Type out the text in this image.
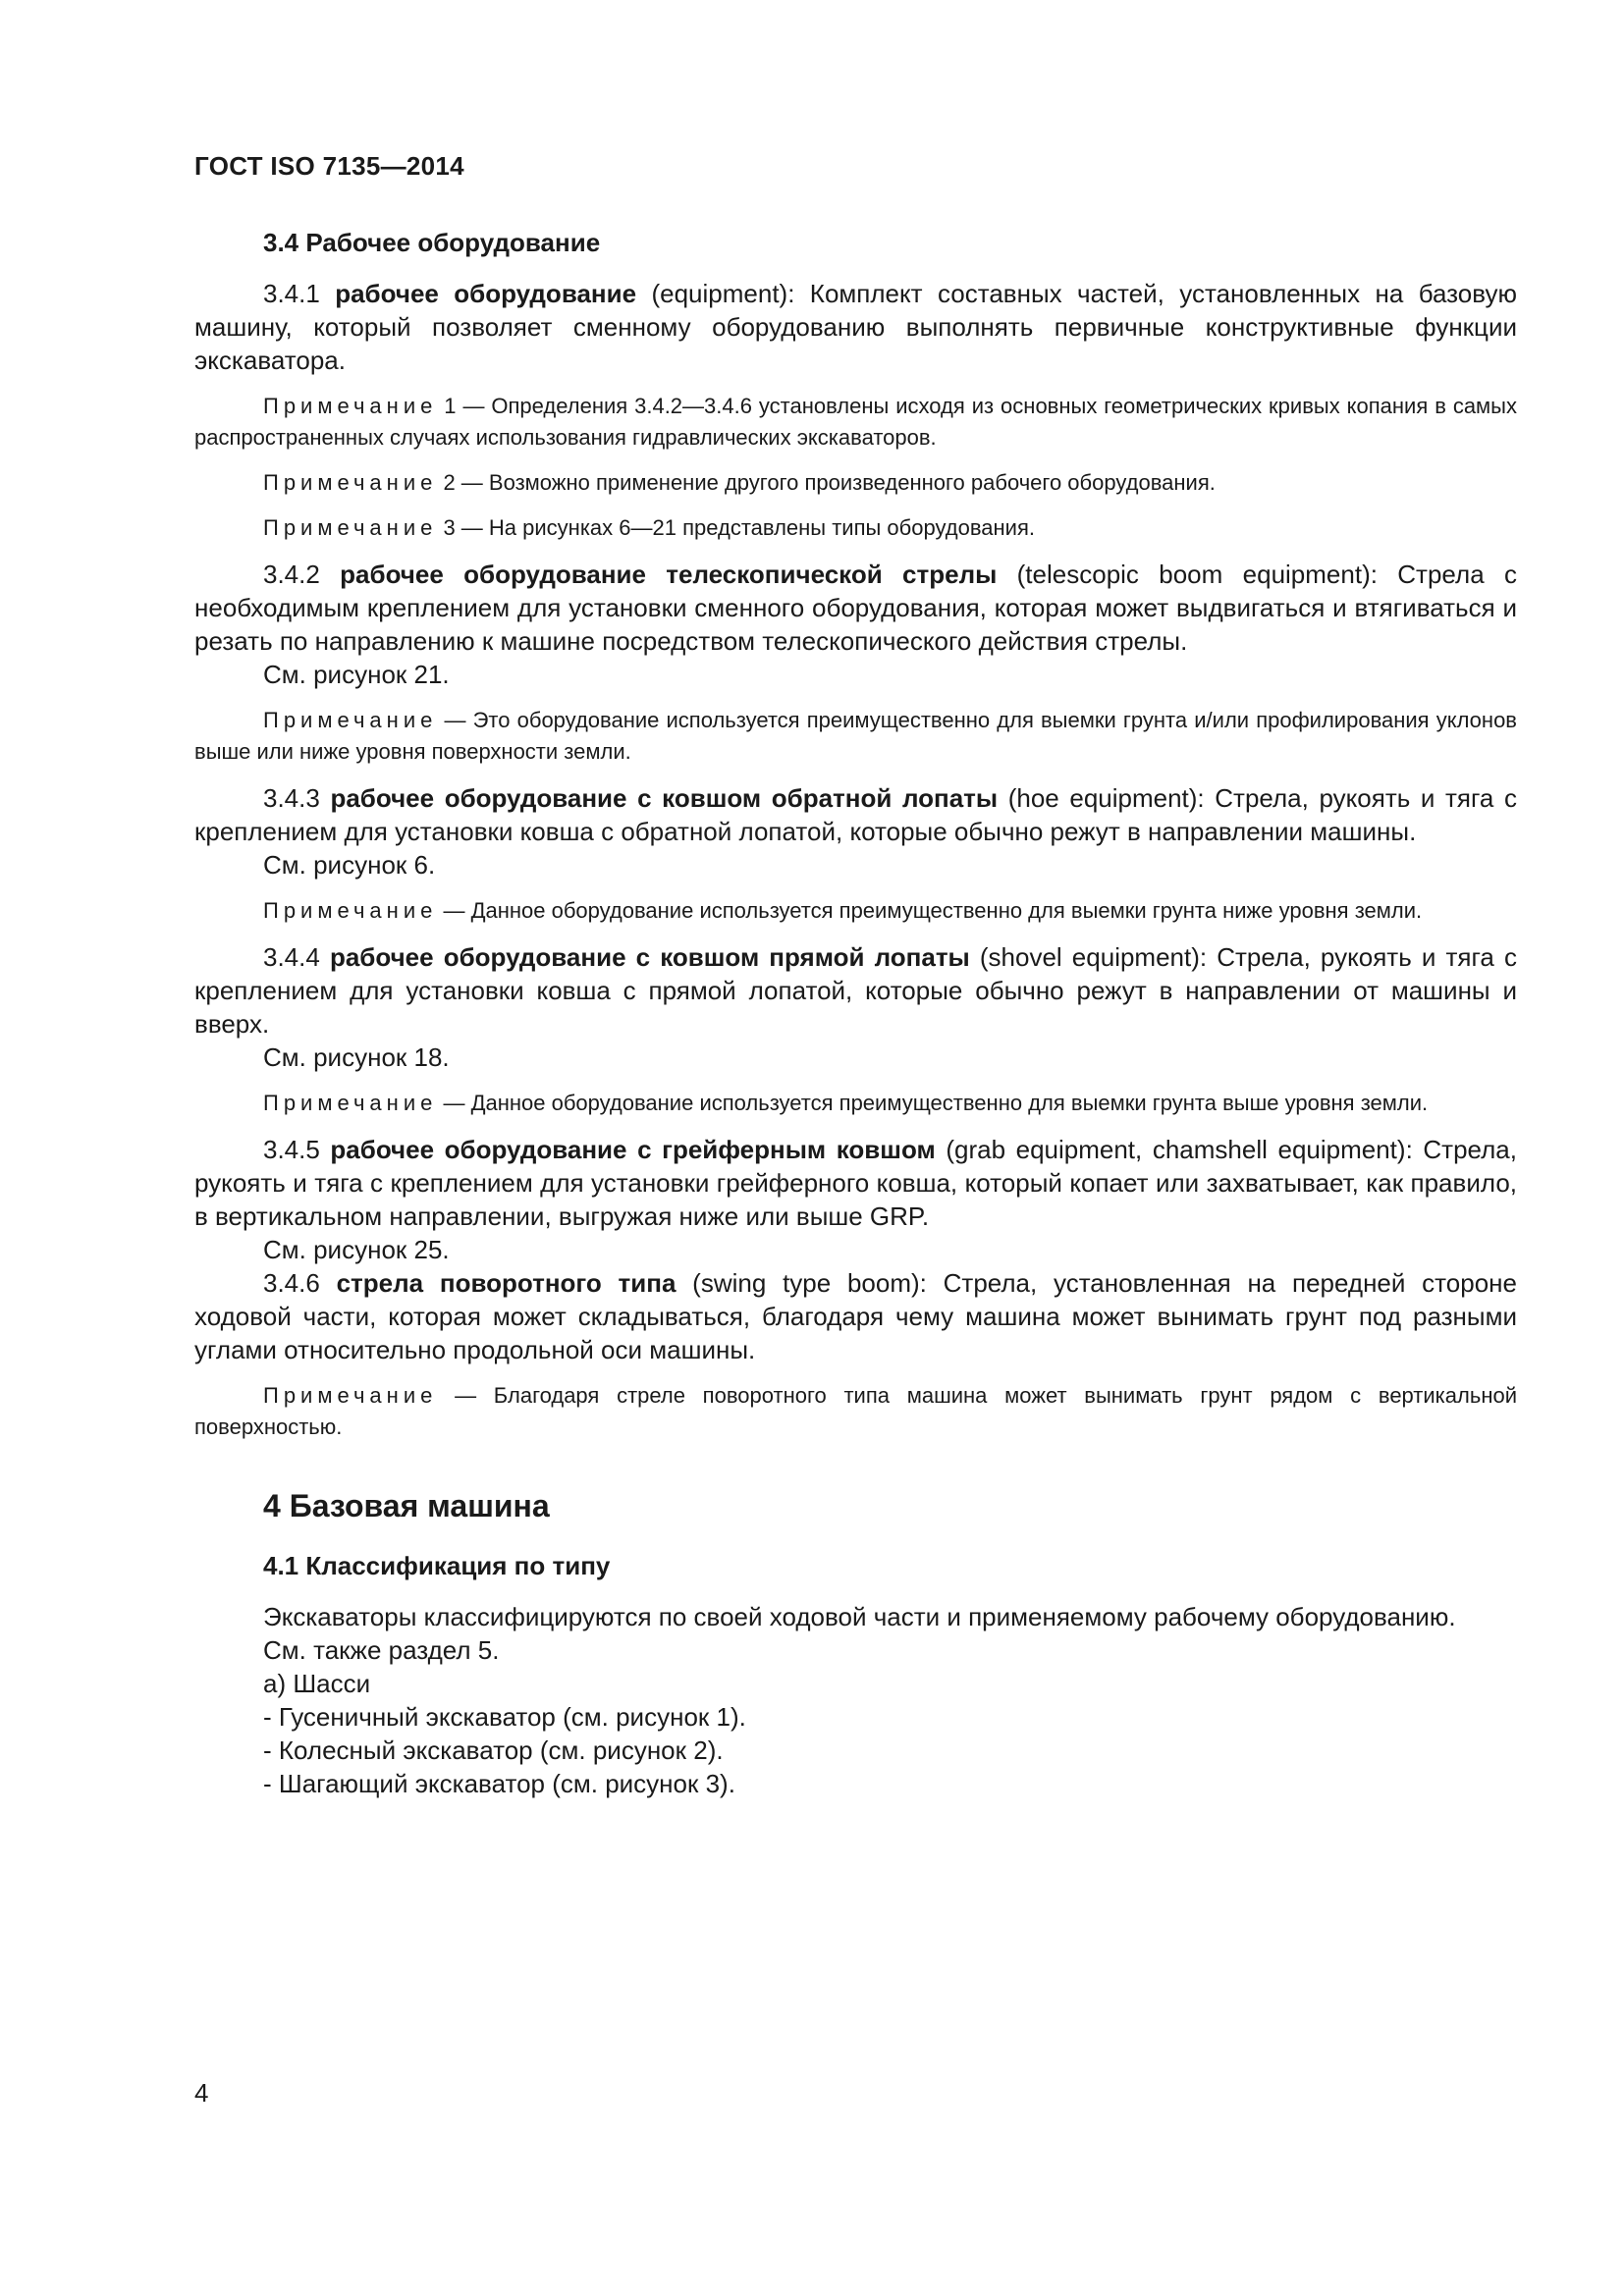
ГОСТ ISO 7135—2014

3.4 Рабочее оборудование

3.4.1 рабочее оборудование (equipment): Комплект составных частей, установленных на базовую машину, который позволяет сменному оборудованию выполнять первичные конструктивные функции экскаватора.

Примечание 1 — Определения 3.4.2—3.4.6 установлены исходя из основных геометрических кривых копания в самых распространенных случаях использования гидравлических экскаваторов.

Примечание 2 — Возможно применение другого произведенного рабочего оборудования.

Примечание 3 — На рисунках 6—21 представлены типы оборудования.

3.4.2 рабочее оборудование телескопической стрелы (telescopic boom equipment): Стрела с необходимым креплением для установки сменного оборудования, которая может выдвигаться и втягиваться и резать по направлению к машине посредством телескопического действия стрелы.

См. рисунок 21.

Примечание — Это оборудование используется преимущественно для выемки грунта и/или профилирования уклонов выше или ниже уровня поверхности земли.

3.4.3 рабочее оборудование с ковшом обратной лопаты (hoe equipment): Стрела, рукоять и тяга с креплением для установки ковша с обратной лопатой, которые обычно режут в направлении машины.

См. рисунок 6.

Примечание — Данное оборудование используется преимущественно для выемки грунта ниже уровня земли.

3.4.4 рабочее оборудование с ковшом прямой лопаты (shovel equipment): Стрела, рукоять и тяга с креплением для установки ковша с прямой лопатой, которые обычно режут в направлении от машины и вверх.

См. рисунок 18.

Примечание — Данное оборудование используется преимущественно для выемки грунта выше уровня земли.

3.4.5 рабочее оборудование с грейферным ковшом (grab equipment, chamshell equipment): Стрела, рукоять и тяга с креплением для установки грейферного ковша, который копает или захватывает, как правило, в вертикальном направлении, выгружая ниже или выше GRP.

См. рисунок 25.

3.4.6 стрела поворотного типа (swing type boom): Стрела, установленная на передней стороне ходовой части, которая может складываться, благодаря чему машина может вынимать грунт под разными углами относительно продольной оси машины.

Примечание — Благодаря стреле поворотного типа машина может вынимать грунт рядом с вертикальной поверхностью.

4 Базовая машина

4.1 Классификация по типу

Экскаваторы классифицируются по своей ходовой части и применяемому рабочему оборудованию.

См. также раздел 5.

а) Шасси

- Гусеничный экскаватор (см. рисунок 1).

- Колесный экскаватор (см. рисунок 2).

- Шагающий экскаватор (см. рисунок 3).

4
